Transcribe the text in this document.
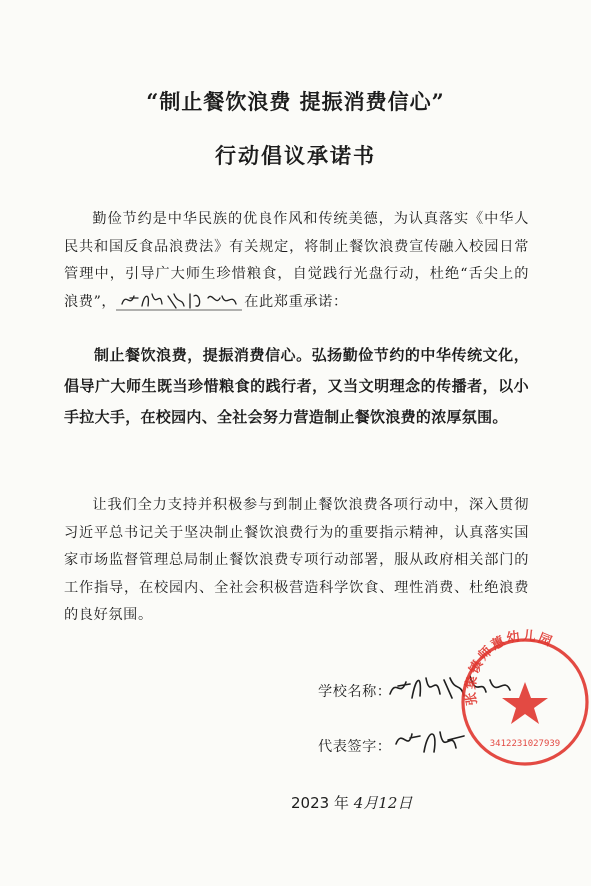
“制止餐饮浪费 提振消费信心”
行动倡议承诺书
勤俭节约是中华民族的优良作风和传统美德，为认真落实《中华人民共和国反食品浪费法》有关规定，将制止餐饮浪费宣传融入校园日常管理中，引导广大师生珍惜粮食，自觉践行光盘行动，杜绝“舌尖上的浪费”，	在此郑重承诺：
制止餐饮浪费，提振消费信心。弘扬勤俭节约的中华传统文化，倡导广大师生既当珍惜粮食的践行者，又当文明理念的传播者，以小手拉大手，在校园内、全社会努力营造制止餐饮浪费的浓厚氛围。
让我们全力支持并积极参与到制止餐饮浪费各项行动中，深入贯彻习近平总书记关于坚决制止餐饮浪费行为的重要指示精神，认真落实国家市场监督管理总局制止餐饮浪费专项行动部署，服从政府相关部门的工作指导，在校园内、全社会积极营造科学饮食、理性消费、杜绝浪费的良好氛围。
学校名称：
代表签字：
2023 年 4月12日
张集镇师蕙幼儿园
3412231027939
